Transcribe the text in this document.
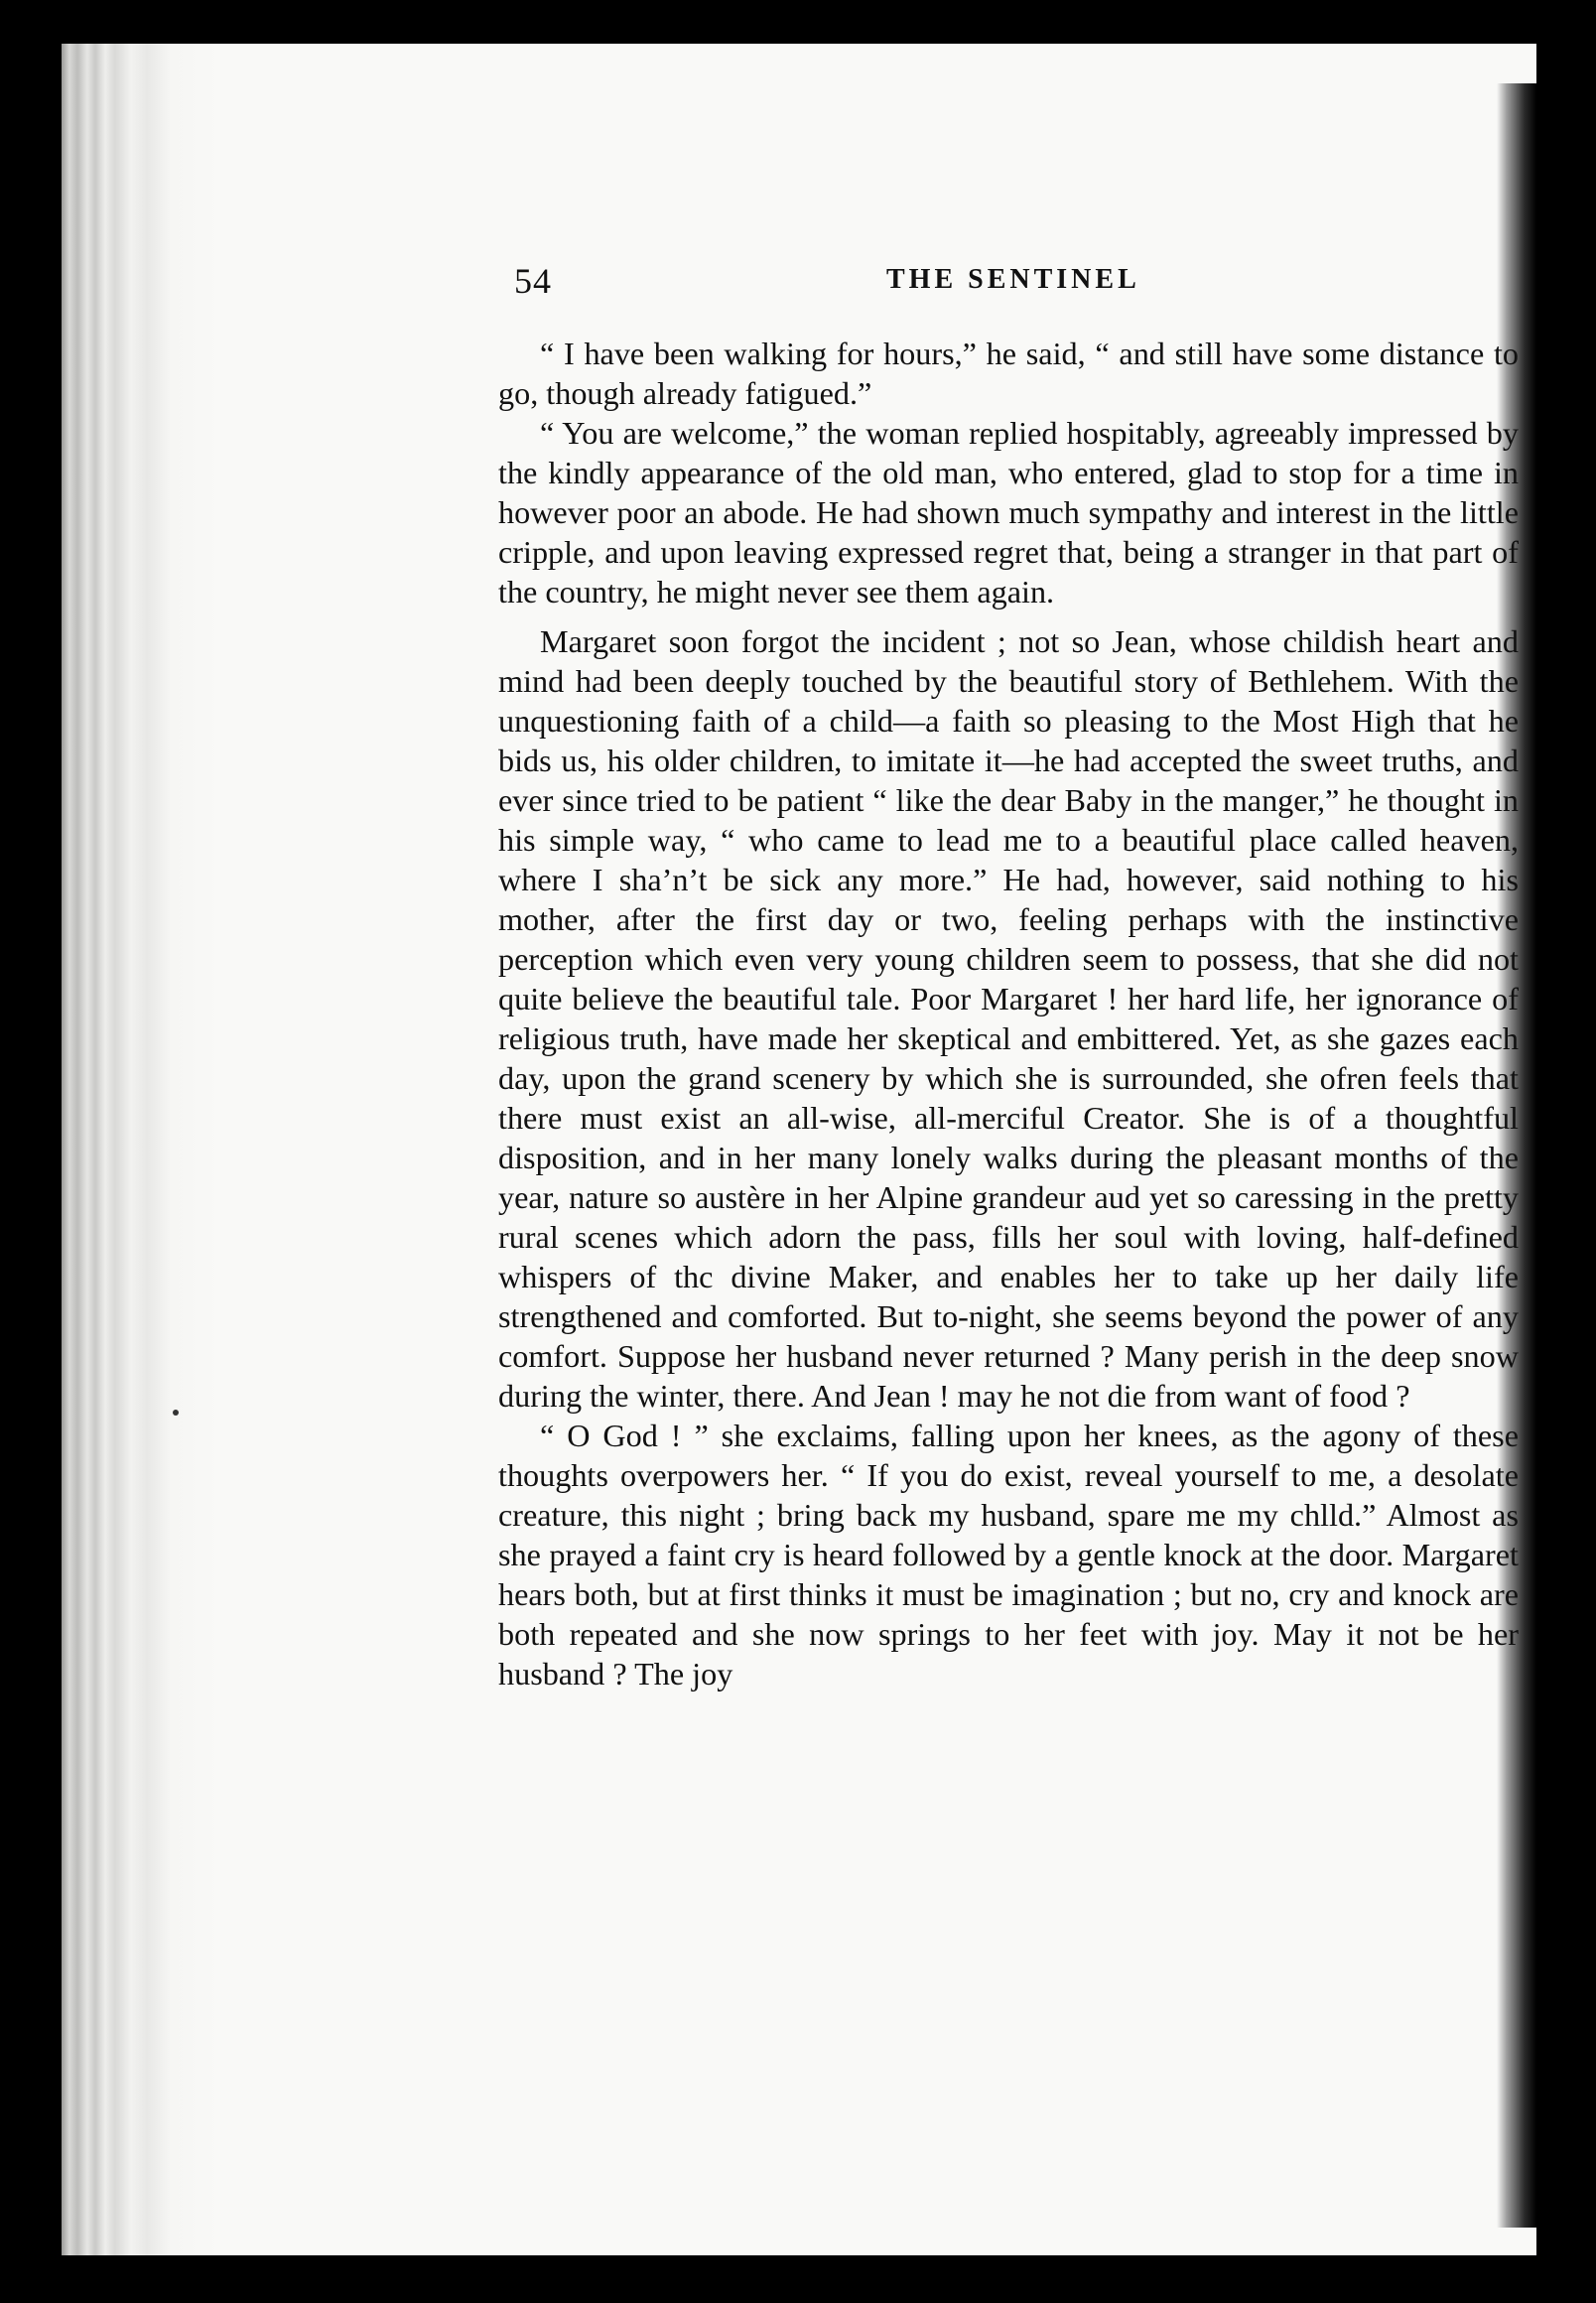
54	THE SENTINEL

“ I have been walking for hours,” he said, “ and still have some distance to go, though already fatigued.”

“ You are welcome,” the woman replied hospitably, agreeably impressed by the kindly appearance of the old man, who entered, glad to stop for a time in however poor an abode. He had shown much sympathy and interest in the little cripple, and upon leaving expressed regret that, being a stranger in that part of the country, he might never see them again.

Margaret soon forgot the incident ; not so Jean, whose childish heart and mind had been deeply touched by the beautiful story of Bethlehem. With the unquestioning faith of a child—a faith so pleasing to the Most High that he bids us, his older children, to imitate it—he had accepted the sweet truths, and ever since tried to be patient “ like the dear Baby in the manger,” he thought in his simple way, “ who came to lead me to a beautiful place called heaven, where I sha’n’t be sick any more.” He had, however, said nothing to his mother, after the first day or two, feeling perhaps with the instinctive perception which even very young children seem to possess, that she did not quite believe the beautiful tale. Poor Margaret ! her hard life, her ignorance of religious truth, have made her skeptical and embittered. Yet, as she gazes each day, upon the grand scenery by which she is surrounded, she ofren feels that there must exist an all-wise, all-merciful Creator. She is of a thoughtful disposition, and in her many lonely walks during the pleasant months of the year, nature so austère in her Alpine grandeur aud yet so caressing in the pretty rural scenes which adorn the pass, fills her soul with loving, half-defined whispers of thc divine Maker, and enables her to take up her daily life strengthened and comforted. But to-night, she seems beyond the power of any comfort. Suppose her husband never returned ? Many perish in the deep snow during the winter, there. And Jean ! may he not die from want of food ?

“ O God ! ” she exclaims, falling upon her knees, as the agony of these thoughts overpowers her. “ If you do exist, reveal yourself to me, a desolate creature, this night ; bring back my husband, spare me my chlld.” Almost as she prayed a faint cry is heard followed by a gentle knock at the door. Margaret hears both, but at first thinks it must be imagination ; but no, cry and knock are both repeated and she now springs to her feet with joy. May it not be her husband ? The joy
